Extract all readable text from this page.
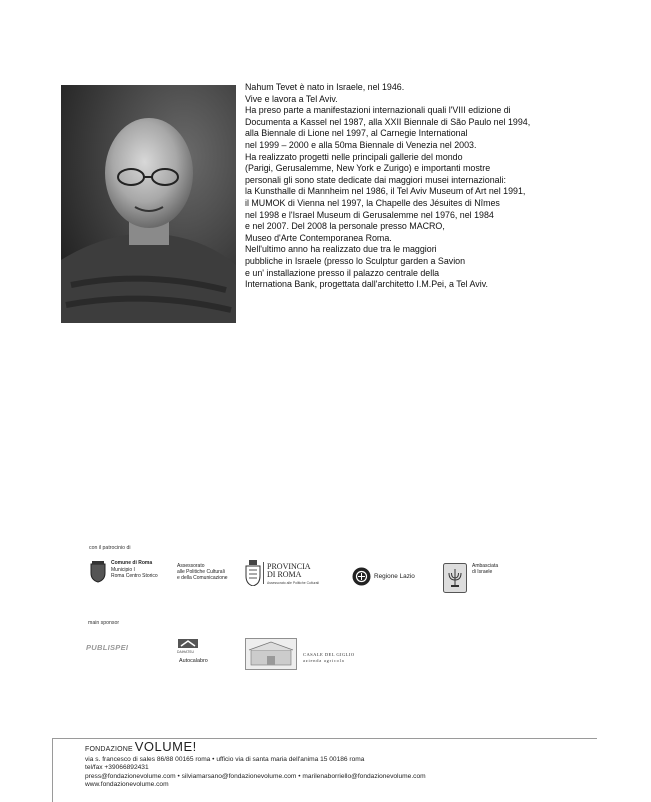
Nahum Tevet è nato in Israele, nel 1946.
Vive e lavora a Tel Aviv.
Ha preso parte a manifestazioni internazionali quali l'VIII edizione di
Documenta a Kassel nel 1987, alla XXII Biennale di São Paulo nel 1994,
alla Biennale di Lione nel 1997, al Carnegie International
nel 1999 – 2000 e alla 50ma Biennale di Venezia nel 2003.
Ha realizzato progetti nelle principali gallerie del mondo
(Parigi, Gerusalemme, New York e Zurigo) e importanti mostre
personali gli sono state dedicate dai maggiori musei internazionali:
la Kunsthalle di Mannheim nel 1986, il Tel Aviv Museum of Art nel 1991,
il MUMOK di Vienna nel 1997, la Chapelle des Jésuites di Nîmes
nel 1998 e l'Israel Museum di Gerusalemme nel 1976, nel 1984
e nel 2007. Del 2008 la personale presso MACRO,
Museo d'Arte Contemporanea Roma.
Nell'ultimo anno ha realizzato due tra le maggiori
pubbliche in Israele (presso lo Sculptur garden a Savion
e un' installazione presso il palazzo centrale della
Internationa Bank, progettata dall'architetto I.M.Pei, a Tel Aviv.
con il patrocinio di
Comune di Roma
Municipio I
Roma Centro Storico
Assessorato
alle Politiche Culturali
e della Comunicazione
PROVINCIA
DI ROMA
Assessorato alle Politiche Culturali
Regione Lazio
Ambasciata
di Israele
main sponsor
PUBLISPEI	DAIHATSU
Autocalabro
CASALE DEL GIGLIO
azienda agricola
FONDAZIONE VOLUME!
via s. francesco di sales 86/88 00165 roma • ufficio via di santa maria dell'anima 15 00186 roma
tel/fax +39066892431
press@fondazionevolume.com • silviamarsano@fondazionevolume.com • marilenaborriello@fondazionevolume.com
www.fondazionevolume.com
